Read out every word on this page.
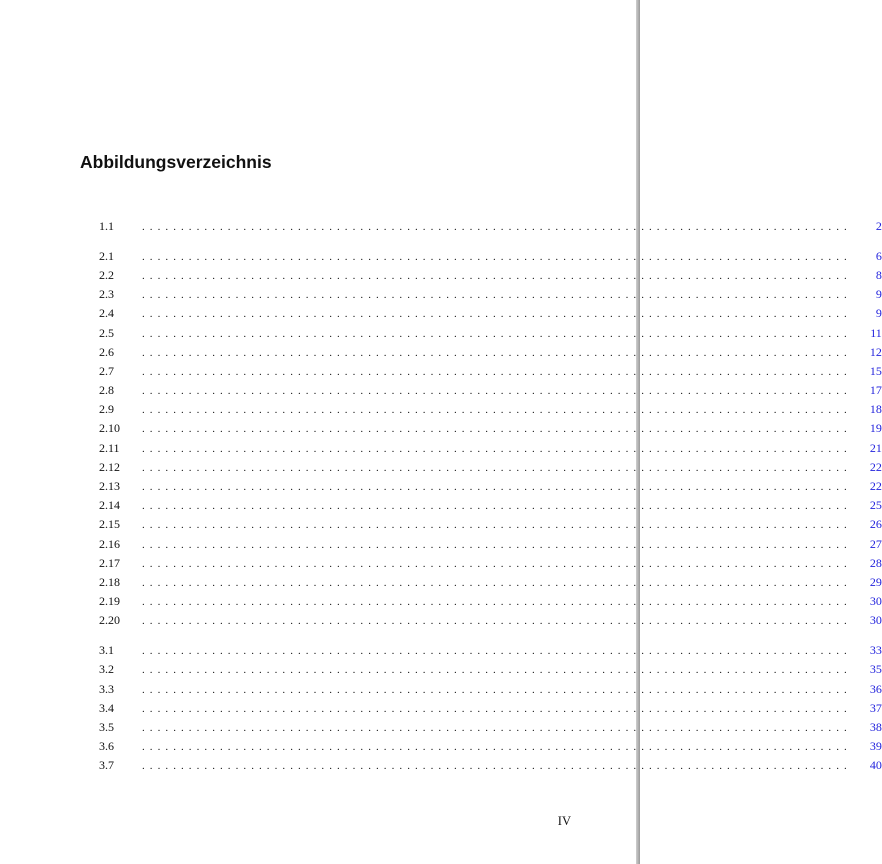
Abbildungsverzeichnis
1.1	...........................................................................................	2
2.1	...........................................................................................	6
2.2	...........................................................................................	8
2.3	...........................................................................................	9
2.4	...........................................................................................	9
2.5	...........................................................................................	11
2.6	...........................................................................................	12
2.7	...........................................................................................	15
2.8	...........................................................................................	17
2.9	...........................................................................................	18
2.10	...........................................................................................	19
2.11	...........................................................................................	21
2.12	...........................................................................................	22
2.13	...........................................................................................	22
2.14	...........................................................................................	25
2.15	...........................................................................................	26
2.16	...........................................................................................	27
2.17	...........................................................................................	28
2.18	...........................................................................................	29
2.19	...........................................................................................	30
2.20	...........................................................................................	30
3.1	...........................................................................................	33
3.2	...........................................................................................	35
3.3	...........................................................................................	36
3.4	...........................................................................................	37
3.5	...........................................................................................	38
3.6	...........................................................................................	39
3.7	...........................................................................................	40
IV
